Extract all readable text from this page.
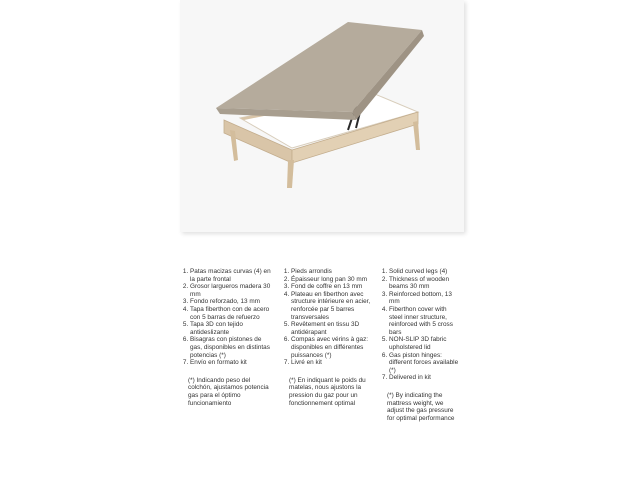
1. Patas macizas curvas (4) en la parte frontal
2. Grosor largueros madera 30 mm
3. Fondo reforzado, 13 mm
4. Tapa fiberthon con de acero con 5 barras de refuerzo
5. Tapa 3D con tejido antideslizante
6. Bisagras con pistones de gas, disponibles en distintas potencias (*)
7. Envío en formato kit
(*) Indicando peso del colchón, ajustamos potencia gas para el óptimo funcionamiento
1. Pieds arrondis
2. Épaisseur long pan 30 mm
3. Fond de coffre en 13 mm
4. Plateau en fiberthon avec structure intérieure en acier, renforcée par 5 barres transversales
5. Revêtement en tissu 3D antidérapant
6. Compas avec vérins à gaz: disponibles en différentes puissances (*)
7. Livré en kit
(*) En indiquant le poids du matelas, nous ajustons la pression du gaz pour un fonctionnement optimal
1. Solid curved legs (4)
2. Thickness of wooden beams 30 mm
3. Reinforced bottom, 13 mm
4. Fiberthon cover with steel inner structure, reinforced with 5 cross bars
5. NON-SLIP 3D fabric upholstered lid
6. Gas piston hinges: different forces available (*)
7. Delivered in kit
(*) By indicating the mattress weight, we adjust the gas pressure for optimal performance
